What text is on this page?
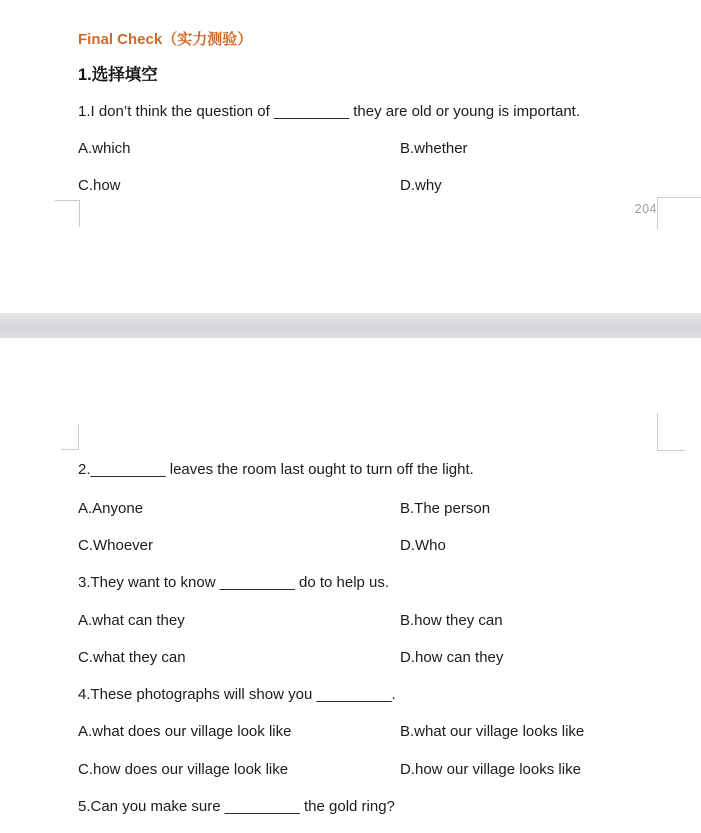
Final Check（实力测验）
1.选择填空
1.I don’t think the question of _________ they are old or young is important.
A.which	B.whether
C.how	D.why
204
2._________ leaves the room last ought to turn off the light.
A.Anyone	B.The person
C.Whoever	D.Who
3.They want to know _________ do to help us.
A.what can they	B.how they can
C.what they can	D.how can they
4.These photographs will show you _________.
A.what does our village look like	B.what our village looks like
C.how does our village look like	D.how our village looks like
5.Can you make sure _________ the gold ring?
